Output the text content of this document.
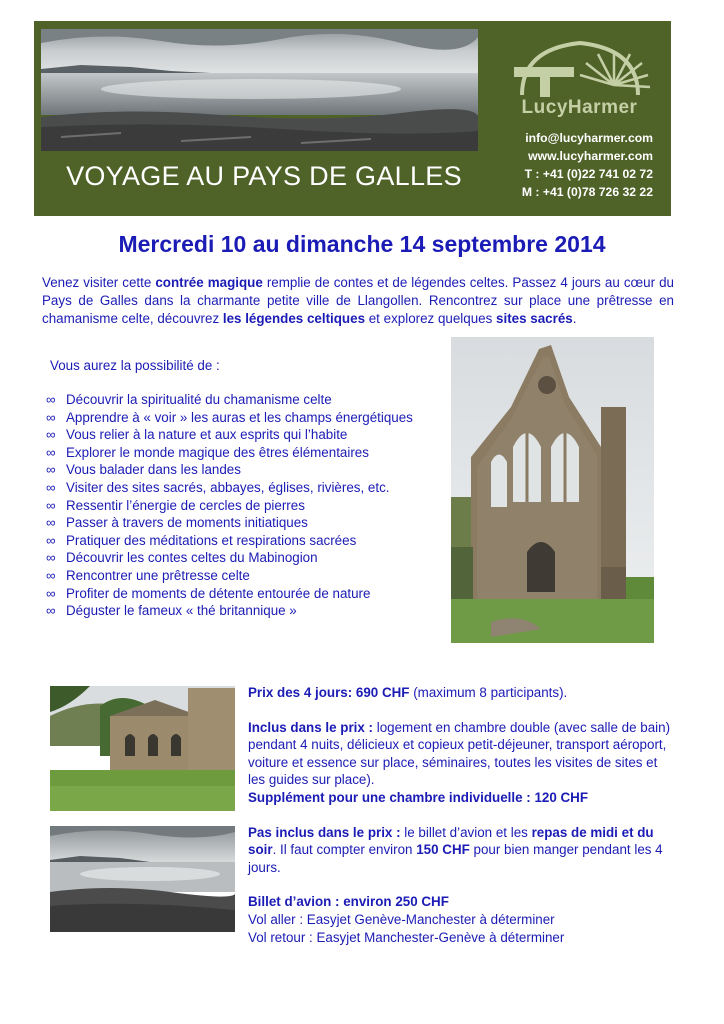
VOYAGE AU PAYS DE GALLES
LucyHarmer
info@lucyharmer.com
www.lucyharmer.com
T : +41 (0)22 741 02 72
M : +41 (0)78 726 32 22
Mercredi 10 au dimanche 14 septembre 2014
Venez visiter cette contrée magique remplie de contes et de légendes celtes. Passez 4 jours au cœur du Pays de Galles dans la charmante petite ville de Llangollen. Rencontrez sur place une prêtresse en chamanisme celte, découvrez les légendes celtiques et explorez quelques sites sacrés.
Vous aurez la possibilité de :
∞ Découvrir la spiritualité du chamanisme celte
∞ Apprendre à « voir » les auras et les champs énergétiques
∞ Vous relier à la nature et aux esprits qui l’habite
∞ Explorer le monde magique des êtres élémentaires
∞ Vous balader dans les landes
∞ Visiter des sites sacrés, abbayes, églises, rivières, etc.
∞ Ressentir l’énergie de cercles de pierres
∞ Passer à travers de moments initiatiques
∞ Pratiquer des méditations et respirations sacrées
∞ Découvrir les contes celtes du Mabinogion
∞ Rencontrer une prêtresse celte
∞ Profiter de moments de détente entourée de nature
∞ Déguster le fameux « thé britannique »

Prix des 4 jours: 690 CHF (maximum 8 participants).

Inclus dans le prix : logement en chambre double (avec salle de bain) pendant 4 nuits, délicieux et copieux petit-déjeuner, transport aéroport, voiture et essence sur place, séminaires, toutes les visites de sites et les guides sur place).
Supplément pour une chambre individuelle : 120 CHF

Pas inclus dans le prix : le billet d’avion et les repas de midi et du soir. Il faut compter environ 150 CHF pour bien manger pendant les 4 jours.

Billet d’avion : environ 250 CHF
Vol aller : Easyjet Genève-Manchester à déterminer
Vol retour : Easyjet Manchester-Genève à déterminer
